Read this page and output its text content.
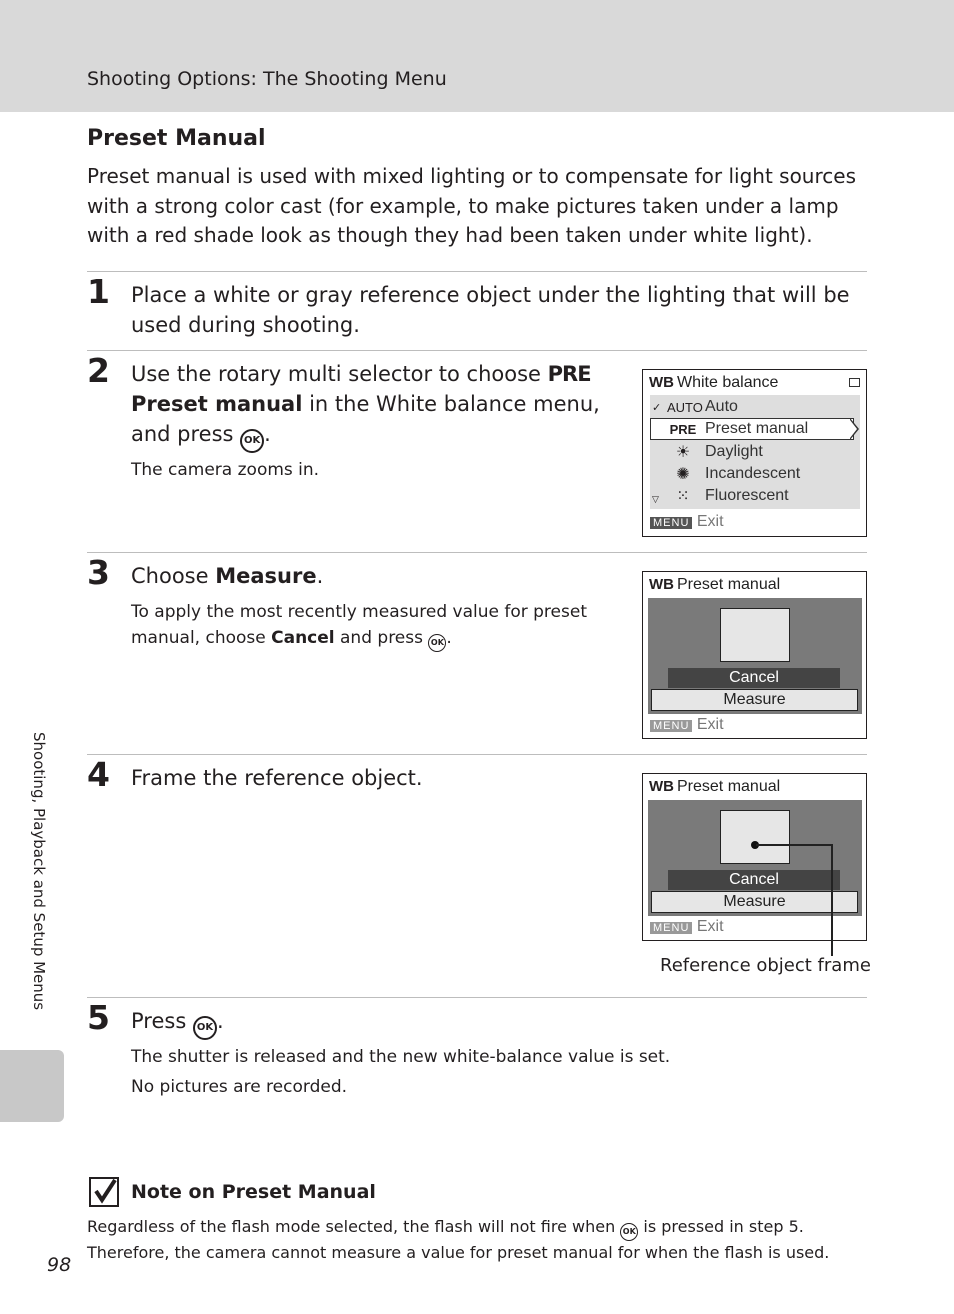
Shooting Options: The Shooting Menu
Preset Manual
Preset manual is used with mixed lighting or to compensate for light sources with a strong color cast (for example, to make pictures taken under a lamp with a red shade look as though they had been taken under white light).
1 Place a white or gray reference object under the lighting that will be used during shooting.
2 Use the rotary multi selector to choose PRE
Preset manual in the White balance menu, and press OK .
The camera zooms in.
WB White balance
✓
▽
AUTO Auto
PRE Preset manual
☀ Daylight
✺ Incandescent
⁙ Fluorescent
MENU Exit
3 Choose Measure.
To apply the most recently measured value for preset manual, choose Cancel and press OK .
WB Preset manual
Cancel
Measure
MENU Exit
4 Frame the reference object.	WB Preset manual
Cancel
Measure
MENU Exit
Reference object frame
5 Press OK .
The shutter is released and the new white-balance value is set.
No pictures are recorded.
Shooting, Playback and Setup Menus
Note on Preset Manual
Regardless of the flash mode selected, the flash will not fire when OK is pressed in step 5. Therefore, the camera cannot measure a value for preset manual for when the flash is used.
98
